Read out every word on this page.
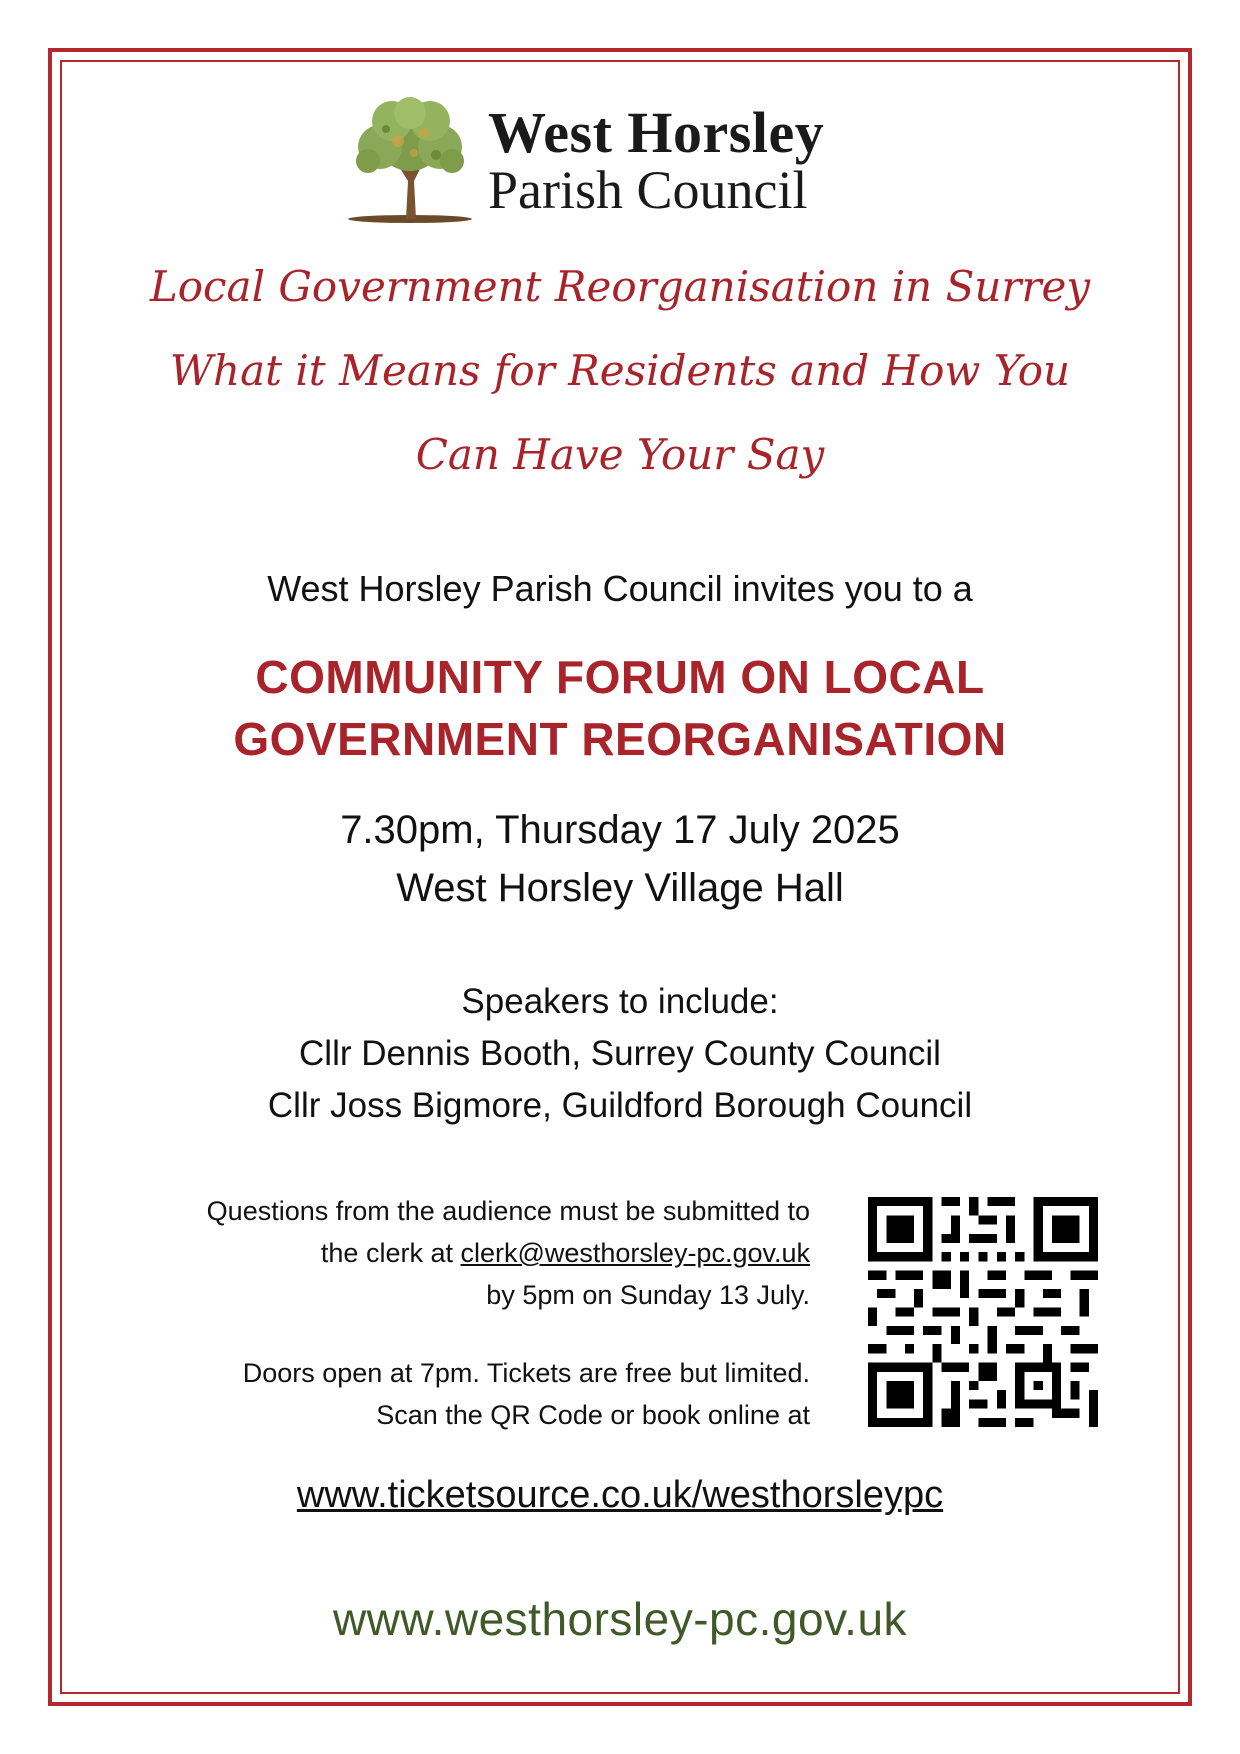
West Horsley
Parish Council
Local Government Reorganisation in Surrey
What it Means for Residents and How You
Can Have Your Say
West Horsley Parish Council invites you to a
COMMUNITY FORUM ON LOCAL
GOVERNMENT REORGANISATION
7.30pm, Thursday 17 July 2025
West Horsley Village Hall
Speakers to include:
Cllr Dennis Booth, Surrey County Council
Cllr Joss Bigmore, Guildford Borough Council
Questions from the audience must be submitted to
the clerk at clerk@westhorsley-pc.gov.uk
by 5pm on Sunday 13 July.
Doors open at 7pm. Tickets are free but limited.
Scan the QR Code or book online at
www.ticketsource.co.uk/westhorsleypc
www.westhorsley-pc.gov.uk
